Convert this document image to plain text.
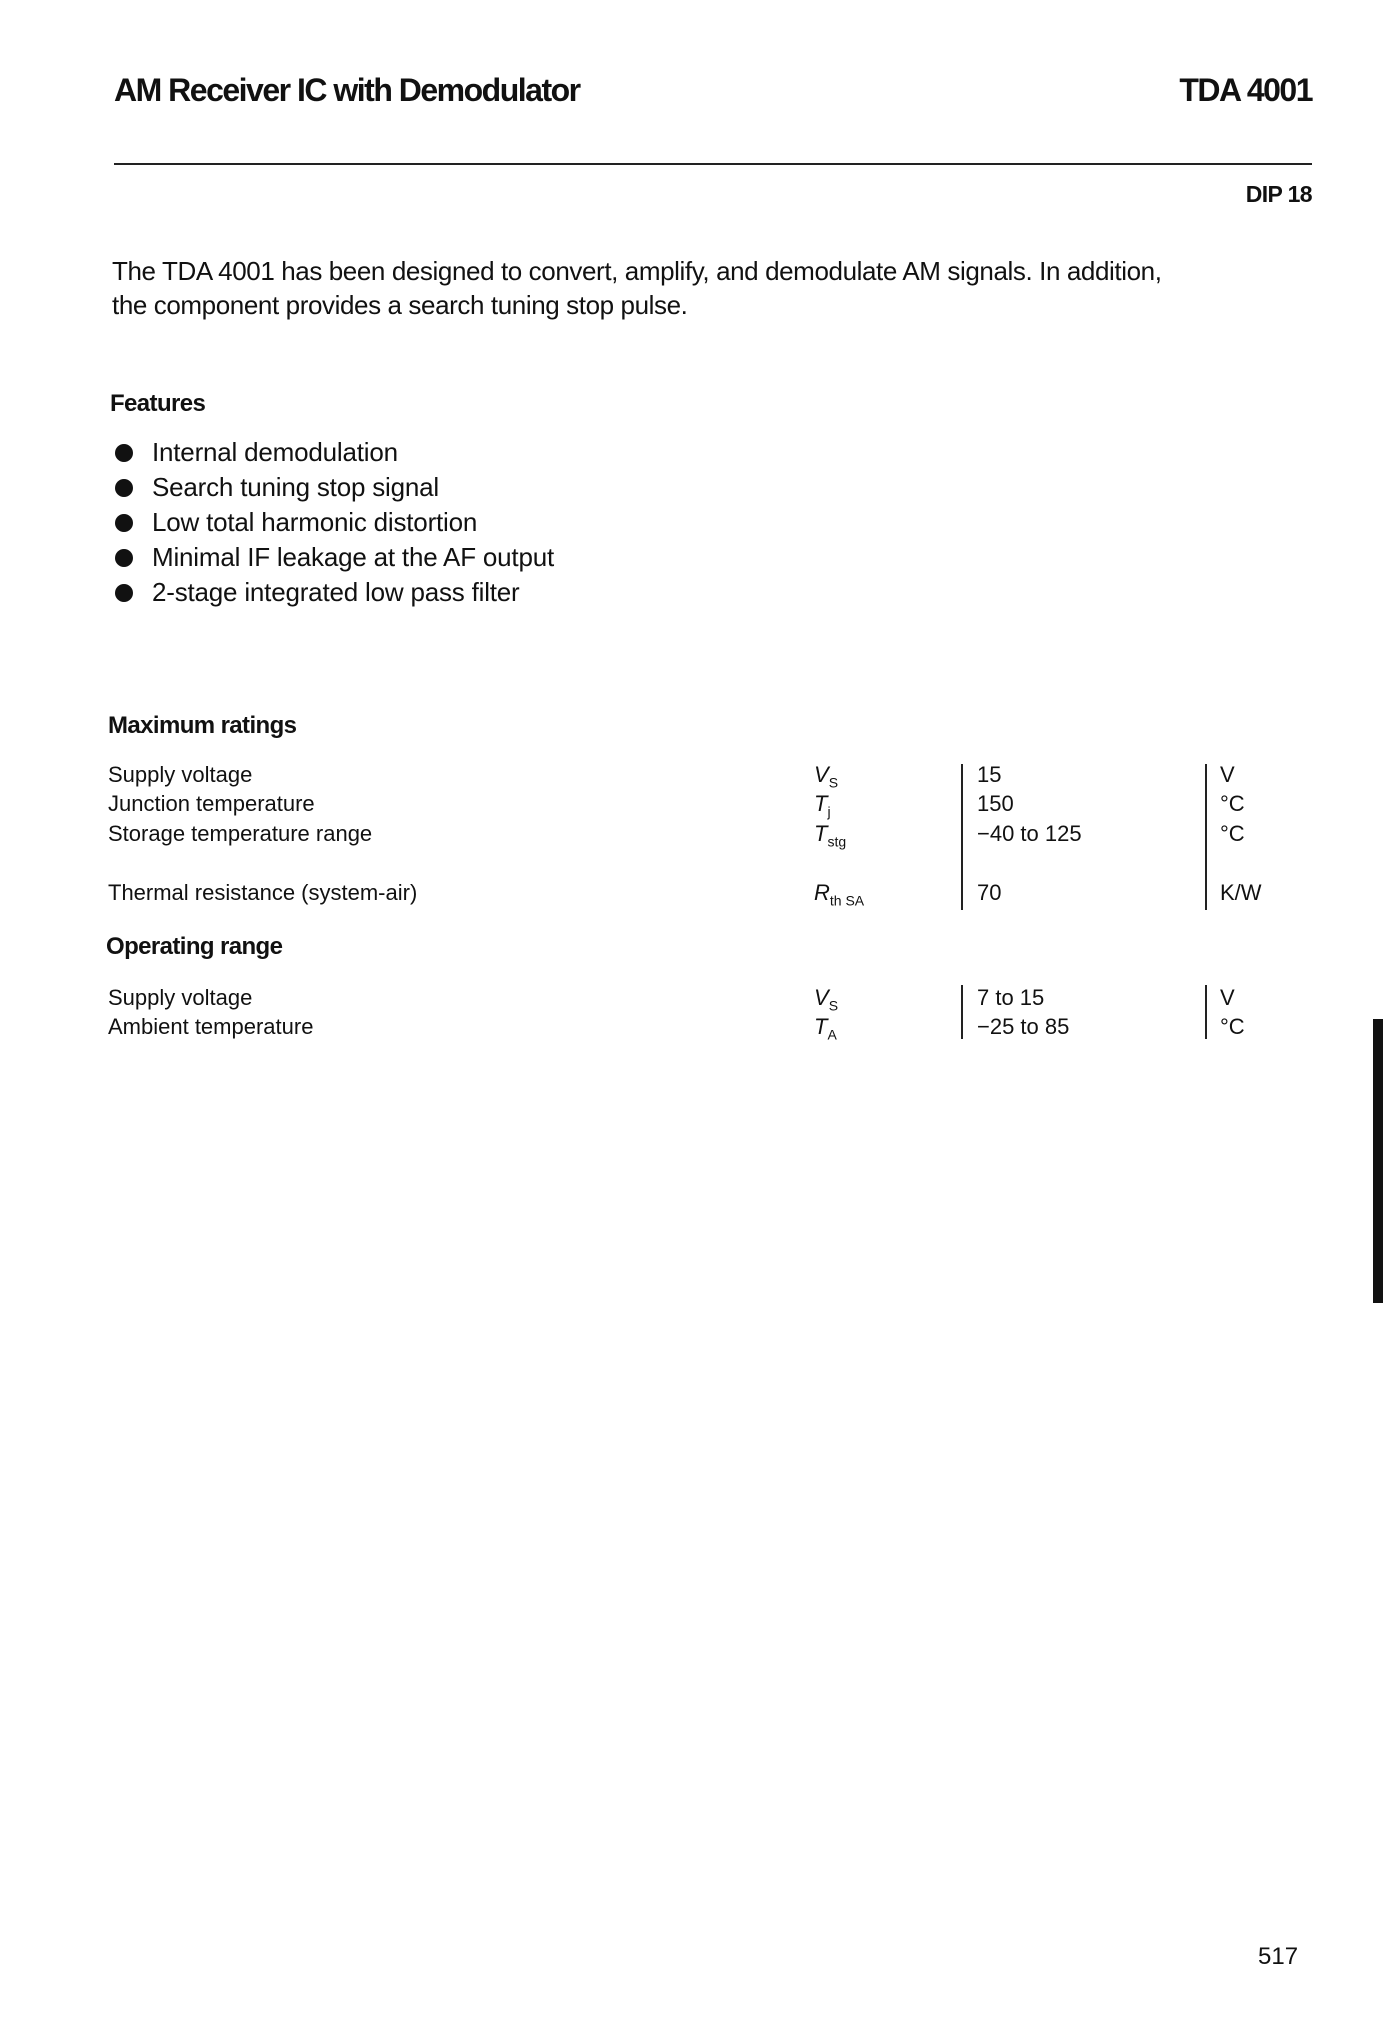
AM Receiver IC with Demodulator	TDA 4001
DIP 18
The TDA 4001 has been designed to convert, amplify, and demodulate AM signals. In addition,
the component provides a search tuning stop pulse.
Features
Internal demodulation
Search tuning stop signal
Low total harmonic distortion
Minimal IF leakage at the AF output
2-stage integrated low pass filter
Maximum ratings
Supply voltage	$V_S$	15	V
Junction temperature	$T_j$	150	°C
Storage temperature range	$T_{stg}$	−40 to 125	°C
Thermal resistance (system-air)	$R_{th SA}$	70	K/W
Operating range
Supply voltage	$V_S$	7 to 15	V
Ambient temperature	$T_A$	−25 to 85	°C
517
